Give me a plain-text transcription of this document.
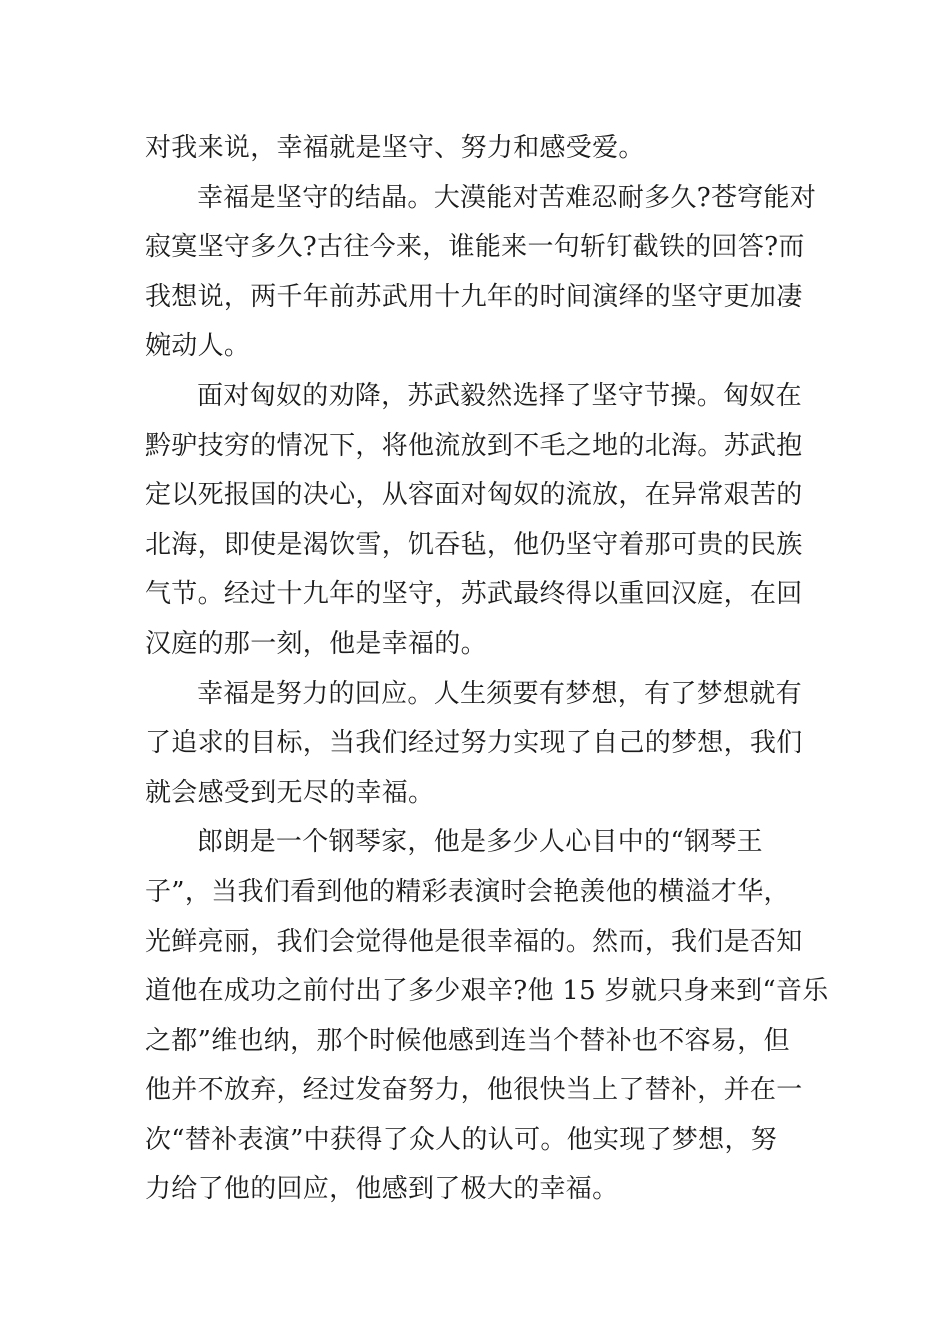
对我来说，幸福就是坚守、努力和感受爱。
幸福是坚守的结晶。大漠能对苦难忍耐多久?苍穹能对
寂寞坚守多久?古往今来，谁能来一句斩钉截铁的回答?而
我想说，两千年前苏武用十九年的时间演绎的坚守更加凄
婉动人。
面对匈奴的劝降，苏武毅然选择了坚守节操。匈奴在
黔驴技穷的情况下，将他流放到不毛之地的北海。苏武抱
定以死报国的决心，从容面对匈奴的流放，在异常艰苦的
北海，即使是渴饮雪，饥吞毡，他仍坚守着那可贵的民族
气节。经过十九年的坚守，苏武最终得以重回汉庭，在回
汉庭的那一刻，他是幸福的。
幸福是努力的回应。人生须要有梦想，有了梦想就有
了追求的目标，当我们经过努力实现了自己的梦想，我们
就会感受到无尽的幸福。
郎朗是一个钢琴家，他是多少人心目中的“钢琴王
子”，当我们看到他的精彩表演时会艳羡他的横溢才华，
光鲜亮丽，我们会觉得他是很幸福的。然而，我们是否知
道他在成功之前付出了多少艰辛?他 15 岁就只身来到“音乐
之都”维也纳，那个时候他感到连当个替补也不容易，但
他并不放弃，经过发奋努力，他很快当上了替补，并在一
次“替补表演”中获得了众人的认可。他实现了梦想，努
力给了他的回应，他感到了极大的幸福。
